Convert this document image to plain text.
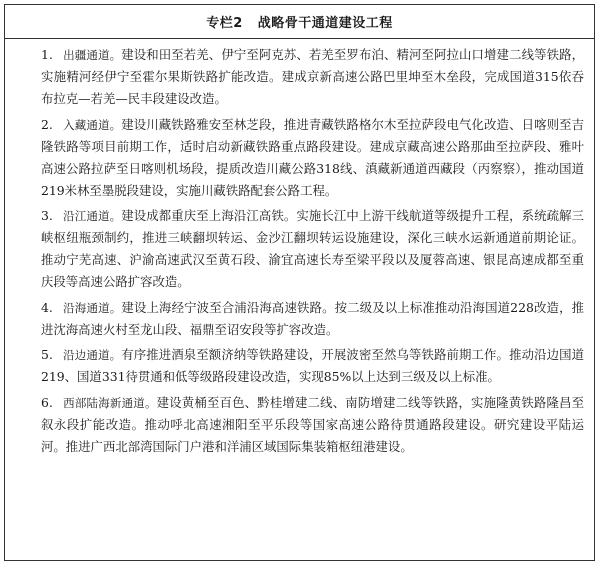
专栏2   战略骨干通道建设工程

1. 出疆通道。建设和田至若羌、伊宁至阿克苏、若羌至罗布泊、精河至阿拉山口增建二线等铁路，实施精河经伊宁至霍尔果斯铁路扩能改造。建成京新高速公路巴里坤至木垒段，完成国道315依吞布拉克—若羌—民丰段建设改造。

2. 入藏通道。建设川藏铁路雅安至林芝段，推进青藏铁路格尔木至拉萨段电气化改造、日喀则至吉隆铁路等项目前期工作，适时启动新藏铁路重点路段建设。建成京藏高速公路那曲至拉萨段、雅叶高速公路拉萨至日喀则机场段，提质改造川藏公路318线、滇藏新通道西藏段（丙察察），推动国道219米林至墨脱段建设，实施川藏铁路配套公路工程。

3. 沿江通道。建设成都重庆至上海沿江高铁。实施长江中上游干线航道等级提升工程，系统疏解三峡枢纽瓶颈制约，推进三峡翻坝转运、金沙江翻坝转运设施建设，深化三峡水运新通道前期论证。推动宁芜高速、沪渝高速武汉至黄石段、渝宜高速长寿至梁平段以及厦蓉高速、银昆高速成都至重庆段等高速公路扩容改造。

4. 沿海通道。建设上海经宁波至合浦沿海高速铁路。按二级及以上标准推动沿海国道228改造，推进沈海高速火村至龙山段、福鼎至诏安段等扩容改造。

5. 沿边通道。有序推进酒泉至额济纳等铁路建设，开展波密至然乌等铁路前期工作。推动沿边国道219、国道331待贯通和低等级路段建设改造，实现85%以上达到三级及以上标准。

6. 西部陆海新通道。建设黄桶至百色、黔桂增建二线、南防增建二线等铁路，实施隆黄铁路隆昌至叙永段扩能改造。推动呼北高速湘阳至平乐段等国家高速公路待贯通路段建设。研究建设平陆运河。推进广西北部湾国际门户港和洋浦区域国际集装箱枢纽港建设。
